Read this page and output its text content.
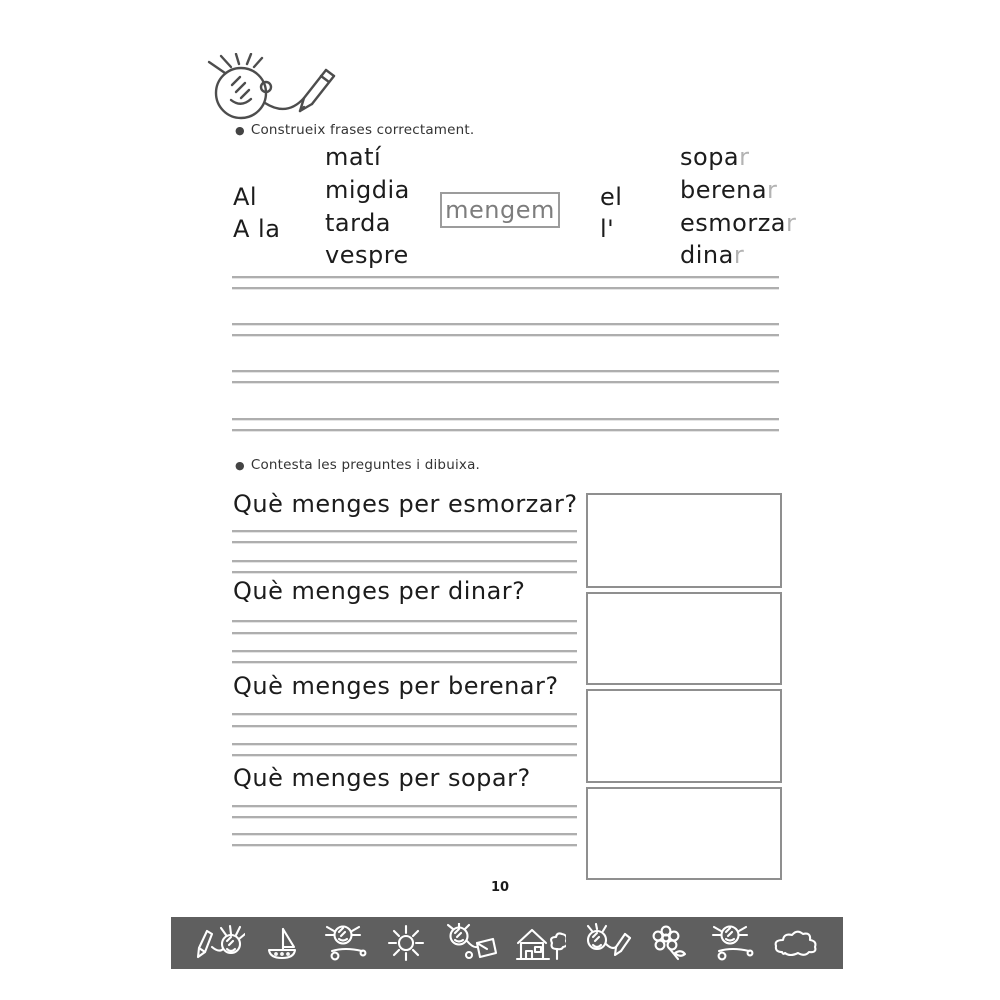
● Construeix frases correctament.
Al
A la
matí
migdia
tarda
vespre
mengem el
l'
sopar
berenar
esmorzar
dinar
● Contesta les preguntes i dibuixa.
Què menges per esmorzar?
Què menges per dinar?
Què menges per berenar?
Què menges per sopar?
10
